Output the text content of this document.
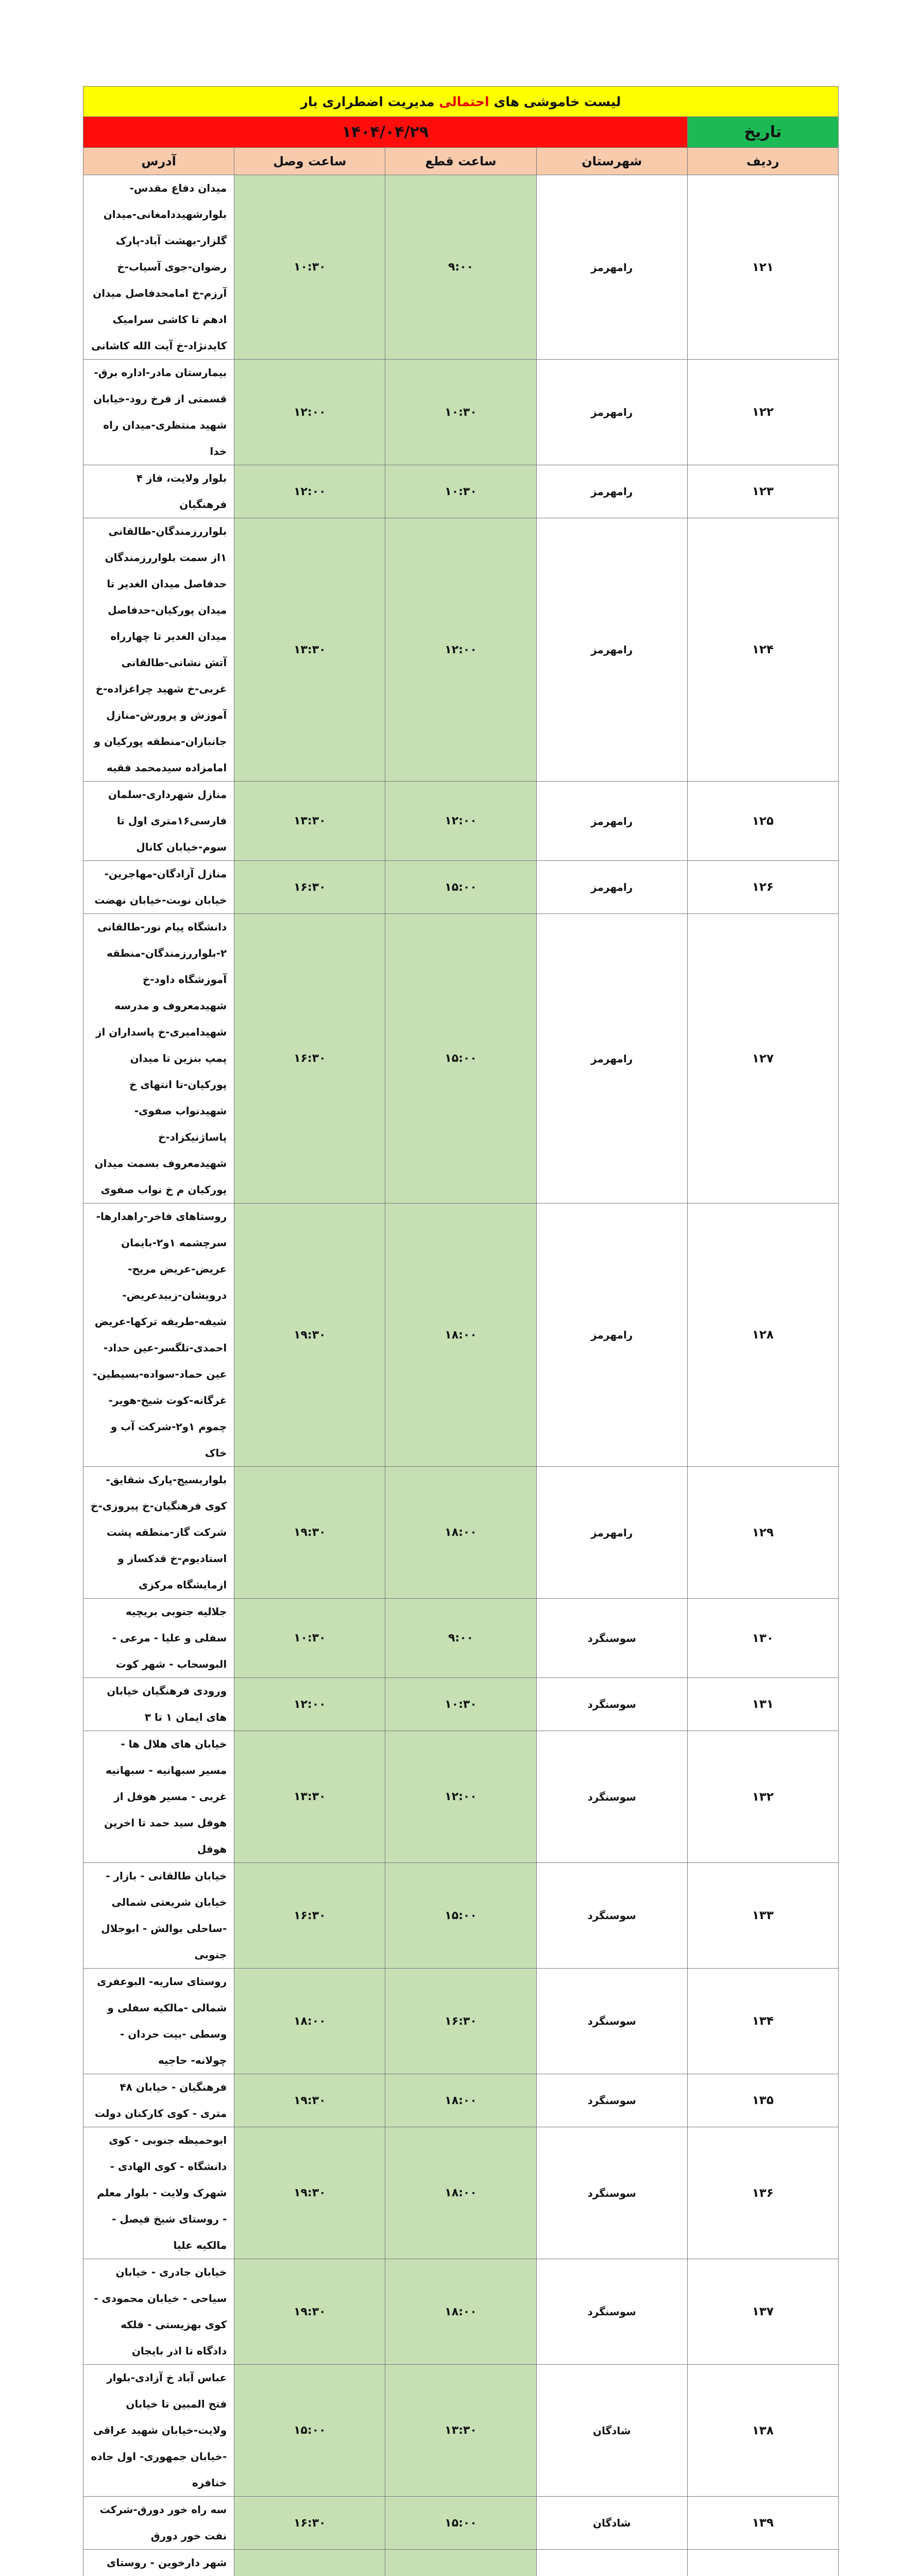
لیست خاموشی های احتمالی مدیریت اضطراری بار				
تاریخ	۱۴۰۴/۰۴/۲۹			
ردیف	شهرستان	ساعت قطع	ساعت وصل	آدرس
۱۲۱	رامهرمز	۹:۰۰	۱۰:۳۰	میدان دفاع مقدس-بلوارشهیددامغانی-میدان گلزار-بهشت آباد-پارک رضوان-جوی آسیاب-خ آرزم-خ امامحدفاصل میدان ادهم تا کاشی سرامیک کایدنژاد-خ آیت الله کاشانی
۱۲۲	رامهرمز	۱۰:۳۰	۱۲:۰۰	بیمارستان مادر-اداره برق-قسمتی از فرخ رود-خیابان شهید منتظری-میدان راه خدا
۱۲۳	رامهرمز	۱۰:۳۰	۱۲:۰۰	بلوار ولایت، فاز ۴ فرهنگیان
۱۲۴	رامهرمز	۱۲:۰۰	۱۳:۳۰	بلواررزمندگان-طالقانی ۱از سمت بلواررزمندگان حدفاصل میدان الغدیر تا میدان پورکیان-حدفاصل میدان الغدیر تا چهارراه آتش نشانی-طالقانی غربی-خ شهید چراغزاده-خ آموزش و پرورش-منازل جانبازان-منطقه پورکیان و امامزاده سیدمحمد فقیه
۱۲۵	رامهرمز	۱۲:۰۰	۱۳:۳۰	منازل شهرداری-سلمان فارسی۱۶متری اول تا سوم-خیابان کانال
۱۲۶	رامهرمز	۱۵:۰۰	۱۶:۳۰	منازل آزادگان-مهاجرین-خیابان نوبت-خیابان نهضت
۱۲۷	رامهرمز	۱۵:۰۰	۱۶:۳۰	دانشگاه پیام نور-طالقانی ۲-بلواررزمندگان-منطقه آموزشگاه داود-خ شهیدمعروف و مدرسه شهیدامیری-خ پاسداران از پمپ بنزین تا میدان پورکیان-تا انتهای خ شهیدنواب صفوی-پاساژنیکزاد-خ شهیدمعروف بسمت میدان پورکیان م خ نواب صفوی
۱۲۸	رامهرمز	۱۸:۰۰	۱۹:۳۰	روستاهای فاخر-راهدارها-سرچشمه ۱و۲-بایمان عریض-عریض مریح-درویشان-زبیدعریض-شیفه-طریفه ترکها-عریض احمدی-تلگسر-عین حداد-عین حماد-سواده-بسیطین-غرگانه-کوت شیخ-هویر-چموم ۱و۲-شرکت آب و خاک
۱۲۹	رامهرمز	۱۸:۰۰	۱۹:۳۰	بلواربسیج-پارک شقایق-کوی فرهنگیان-خ پیروزی-خ شرکت گاز-منطقه پشت استادیوم-خ قدکساز و ازمایشگاه مرکزی
۱۳۰	سوسنگرد	۹:۰۰	۱۰:۳۰	جلالیه جنوبی بریچیه سفلی و علیا - مرعی - البوسحاب - شهر کوت
۱۳۱	سوسنگرد	۱۰:۳۰	۱۲:۰۰	ورودی فرهنگیان خیابان های ایمان ۱ تا ۳
۱۳۲	سوسنگرد	۱۲:۰۰	۱۳:۳۰	خیابان های هلال ها - مسیر سبهانیه - سبهانیه غربی - مسیر هوفل از هوفل سید حمد تا اخرین هوفل
۱۳۳	سوسنگرد	۱۵:۰۰	۱۶:۳۰	خیابان طالقانی - بازار - خیابان شریعتی شمالی -ساحلی بوالش - ابوجلال جنوبی
۱۳۴	سوسنگرد	۱۶:۳۰	۱۸:۰۰	روستای ساریه- البوعفری شمالی -مالکیه سفلی و وسطی -بیت حردان - چولانه- حاجیه
۱۳۵	سوسنگرد	۱۸:۰۰	۱۹:۳۰	فرهنگیان - خیابان ۴۸ متری - کوی کارکنان دولت
۱۳۶	سوسنگرد	۱۸:۰۰	۱۹:۳۰	ابوحمیظه جنوبی - کوی دانشگاه - کوی الهادی - شهرک ولایت - بلوار معلم - روستای شیخ فیصل - مالکیه علیا
۱۳۷	سوسنگرد	۱۸:۰۰	۱۹:۳۰	خیابان جادری - خیابان سیاحی - خیابان محمودی - کوی بهزیستی - فلکه دادگاه تا اذر بایجان
۱۳۸	شادگان	۱۳:۳۰	۱۵:۰۰	عباس آباد خ آزادی-بلوار فتح المبین تا خیابان ولایت-خیابان شهید عراقی -خیابان جمهوری- اول جاده خنافره
۱۳۹	شادگان	۱۵:۰۰	۱۶:۳۰	سه راه خور دورق-شرکت نفت خور دورق
				شهر دارخوین - روستای
